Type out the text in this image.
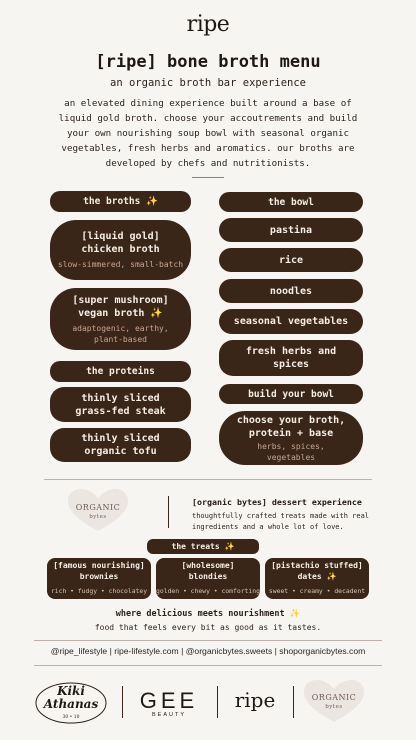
ripe
[ripe] bone broth menu
an organic broth bar experience
an elevated dining experience built around a base of liquid gold broth. choose your accoutrements and build your own nourishing soup bowl with seasonal organic vegetables, fresh herbs and aromatics. our broths are developed by chefs and nutritionists.
the broths ✨
[liquid gold] chicken broth
slow-simmered, small-batch
[super mushroom] vegan broth ✨
adaptogenic, earthy, plant-based
the proteins
thinly sliced grass-fed steak
thinly sliced organic tofu
the bowl
pastina
rice
noodles
seasonal vegetables
fresh herbs and spices
build your bowl
choose your broth, protein + base
herbs, spices, vegetables
ORGANIC
bytes
[organic bytes] dessert experience
thoughtfully crafted treats made with real ingredients and a whole lot of love.
the treats ✨
[famous nourishing] brownies
rich • fudgy • chocolatey
[wholesome] blondies
golden • chewy • comforting
[pistachio stuffed] dates ✨
sweet • creamy • decadent
where delicious meets nourishment ✨
food that feels every bit as good as it tastes.
@ripe_lifestyle | ripe-lifestyle.com | @organicbytes.sweets | shoporganicbytes.com
Kiki
Athanas
30 • 10
GEE
BEAUTY
ripe	ORGANIC
bytes
